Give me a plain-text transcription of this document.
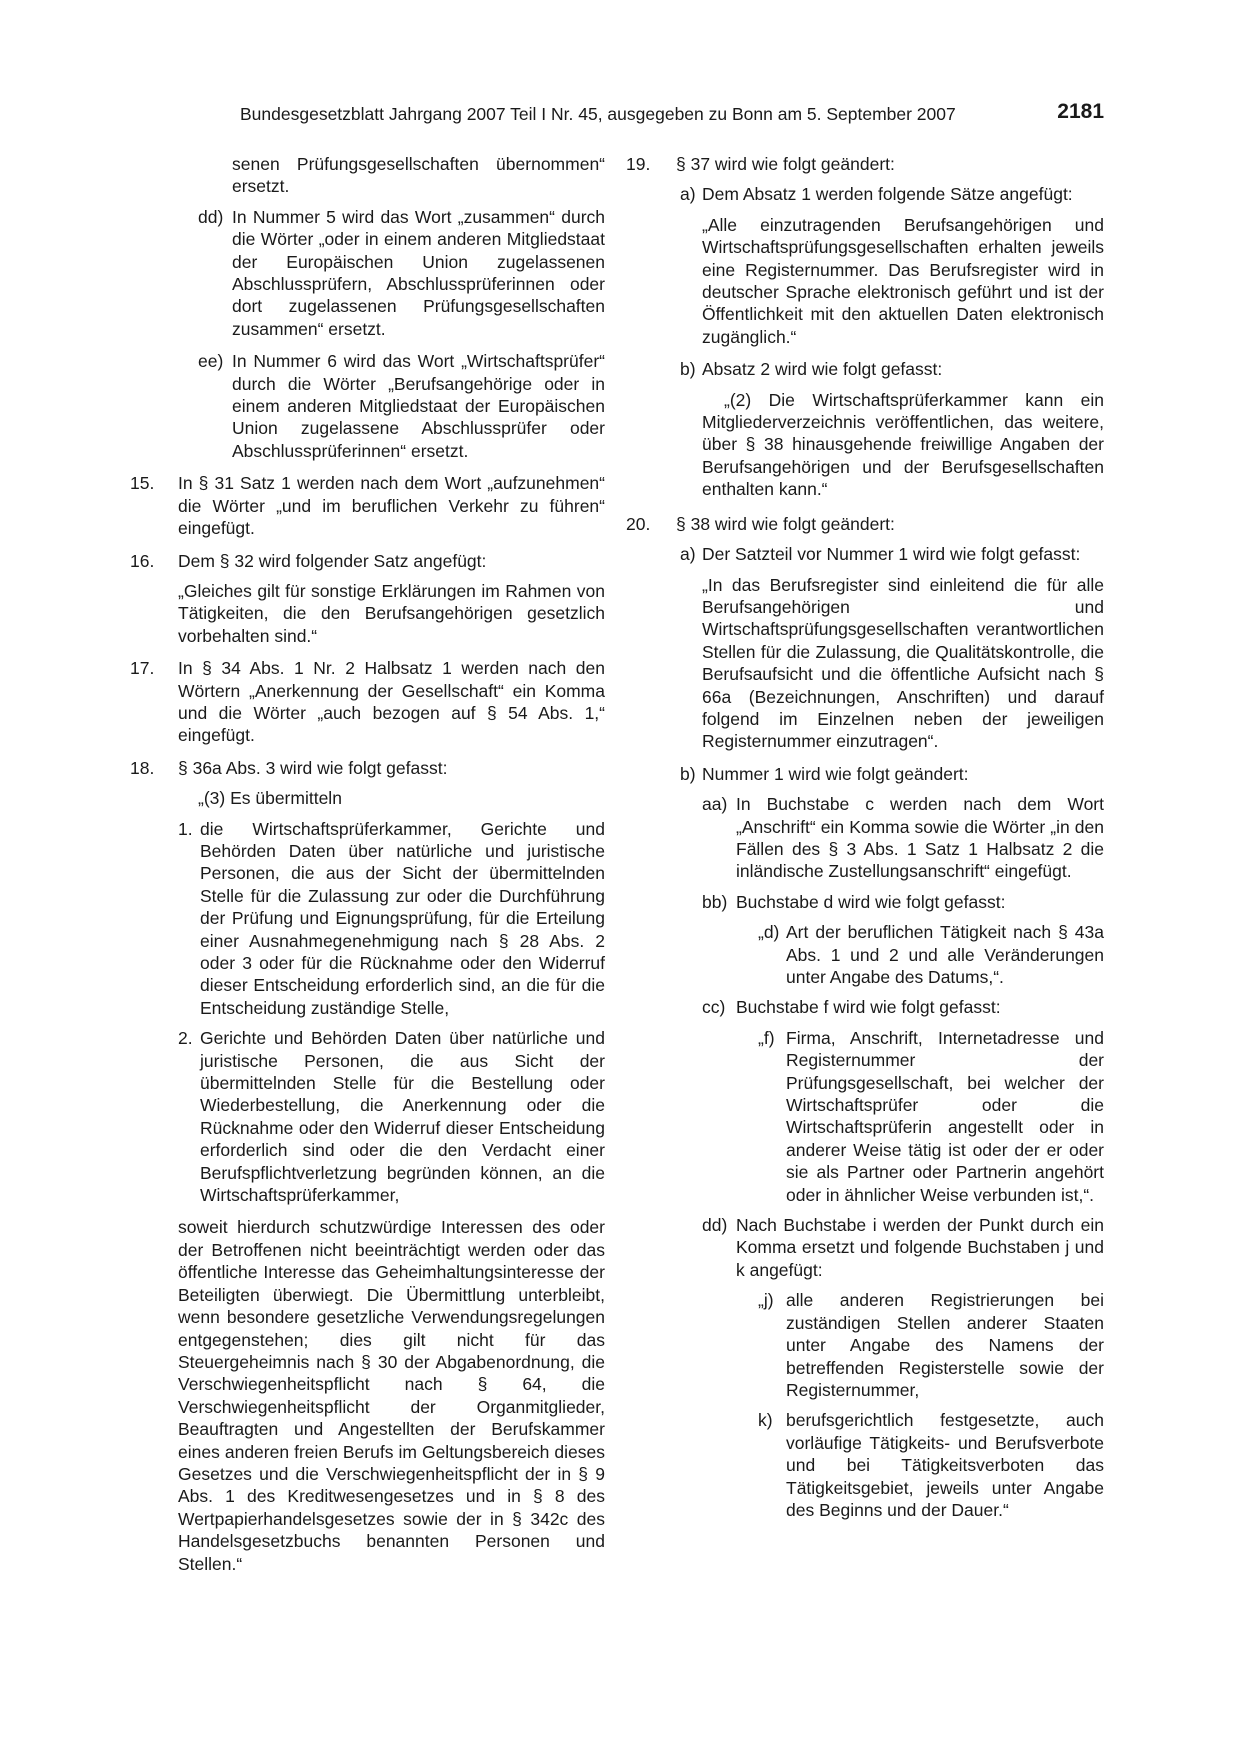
Bundesgesetzblatt Jahrgang 2007 Teil I Nr. 45, ausgegeben zu Bonn am 5. September 2007	2181
senen Prüfungsgesellschaften übernommen“ ersetzt.
dd) In Nummer 5 wird das Wort „zusammen“ durch die Wörter „oder in einem anderen Mitgliedstaat der Europäischen Union zugelassenen Abschlussprüfern, Abschlussprüferinnen oder dort zugelassenen Prüfungsgesellschaften zusammen“ ersetzt.
ee) In Nummer 6 wird das Wort „Wirtschaftsprüfer“ durch die Wörter „Berufsangehörige oder in einem anderen Mitgliedstaat der Europäischen Union zugelassene Abschlussprüfer oder Abschlussprüferinnen“ ersetzt.
15. In § 31 Satz 1 werden nach dem Wort „aufzunehmen“ die Wörter „und im beruflichen Verkehr zu führen“ eingefügt.
16. Dem § 32 wird folgender Satz angefügt:
„Gleiches gilt für sonstige Erklärungen im Rahmen von Tätigkeiten, die den Berufsangehörigen gesetzlich vorbehalten sind.“
17. In § 34 Abs. 1 Nr. 2 Halbsatz 1 werden nach den Wörtern „Anerkennung der Gesellschaft“ ein Komma und die Wörter „auch bezogen auf § 54 Abs. 1,“ eingefügt.
18. § 36a Abs. 3 wird wie folgt gefasst:
„(3) Es übermitteln
1. die Wirtschaftsprüferkammer, Gerichte und Behörden Daten über natürliche und juristische Personen, die aus der Sicht der übermittelnden Stelle für die Zulassung zur oder die Durchführung der Prüfung und Eignungsprüfung, für die Erteilung einer Ausnahmegenehmigung nach § 28 Abs. 2 oder 3 oder für die Rücknahme oder den Widerruf dieser Entscheidung erforderlich sind, an die für die Entscheidung zuständige Stelle,
2. Gerichte und Behörden Daten über natürliche und juristische Personen, die aus Sicht der übermittelnden Stelle für die Bestellung oder Wiederbestellung, die Anerkennung oder die Rücknahme oder den Widerruf dieser Entscheidung erforderlich sind oder die den Verdacht einer Berufspflichtverletzung begründen können, an die Wirtschaftsprüferkammer,
soweit hierdurch schutzwürdige Interessen des oder der Betroffenen nicht beeinträchtigt werden oder das öffentliche Interesse das Geheimhaltungsinteresse der Beteiligten überwiegt. Die Übermittlung unterbleibt, wenn besondere gesetzliche Verwendungsregelungen entgegenstehen; dies gilt nicht für das Steuergeheimnis nach § 30 der Abgabenordnung, die Verschwiegenheitspflicht nach § 64, die Verschwiegenheitspflicht der Organmitglieder, Beauftragten und Angestellten der Berufskammer eines anderen freien Berufs im Geltungsbereich dieses Gesetzes und die Verschwiegenheitspflicht der in § 9 Abs. 1 des Kreditwesengesetzes und in § 8 des Wertpapierhandelsgesetzes sowie der in § 342c des Handelsgesetzbuchs benannten Personen und Stellen.“
19. § 37 wird wie folgt geändert:
a) Dem Absatz 1 werden folgende Sätze angefügt:
„Alle einzutragenden Berufsangehörigen und Wirtschaftsprüfungsgesellschaften erhalten jeweils eine Registernummer. Das Berufsregister wird in deutscher Sprache elektronisch geführt und ist der Öffentlichkeit mit den aktuellen Daten elektronisch zugänglich.“
b) Absatz 2 wird wie folgt gefasst:
„(2) Die Wirtschaftsprüferkammer kann ein Mitgliederverzeichnis veröffentlichen, das weitere, über § 38 hinausgehende freiwillige Angaben der Berufsangehörigen und der Berufsgesellschaften enthalten kann.“
20. § 38 wird wie folgt geändert:
a) Der Satzteil vor Nummer 1 wird wie folgt gefasst:
„In das Berufsregister sind einleitend die für alle Berufsangehörigen und Wirtschaftsprüfungsgesellschaften verantwortlichen Stellen für die Zulassung, die Qualitätskontrolle, die Berufsaufsicht und die öffentliche Aufsicht nach § 66a (Bezeichnungen, Anschriften) und darauf folgend im Einzelnen neben der jeweiligen Registernummer einzutragen“.
b) Nummer 1 wird wie folgt geändert:
aa) In Buchstabe c werden nach dem Wort „Anschrift“ ein Komma sowie die Wörter „in den Fällen des § 3 Abs. 1 Satz 1 Halbsatz 2 die inländische Zustellungsanschrift“ eingefügt.
bb) Buchstabe d wird wie folgt gefasst:
„d) Art der beruflichen Tätigkeit nach § 43a Abs. 1 und 2 und alle Veränderungen unter Angabe des Datums,“.
cc) Buchstabe f wird wie folgt gefasst:
„f) Firma, Anschrift, Internetadresse und Registernummer der Prüfungsgesellschaft, bei welcher der Wirtschaftsprüfer oder die Wirtschaftsprüferin angestellt oder in anderer Weise tätig ist oder der er oder sie als Partner oder Partnerin angehört oder in ähnlicher Weise verbunden ist,“.
dd) Nach Buchstabe i werden der Punkt durch ein Komma ersetzt und folgende Buchstaben j und k angefügt:
„j) alle anderen Registrierungen bei zuständigen Stellen anderer Staaten unter Angabe des Namens der betreffenden Registerstelle sowie der Registernummer,
k) berufsgerichtlich festgesetzte, auch vorläufige Tätigkeits- und Berufsverbote und bei Tätigkeitsverboten das Tätigkeitsgebiet, jeweils unter Angabe des Beginns und der Dauer.“
